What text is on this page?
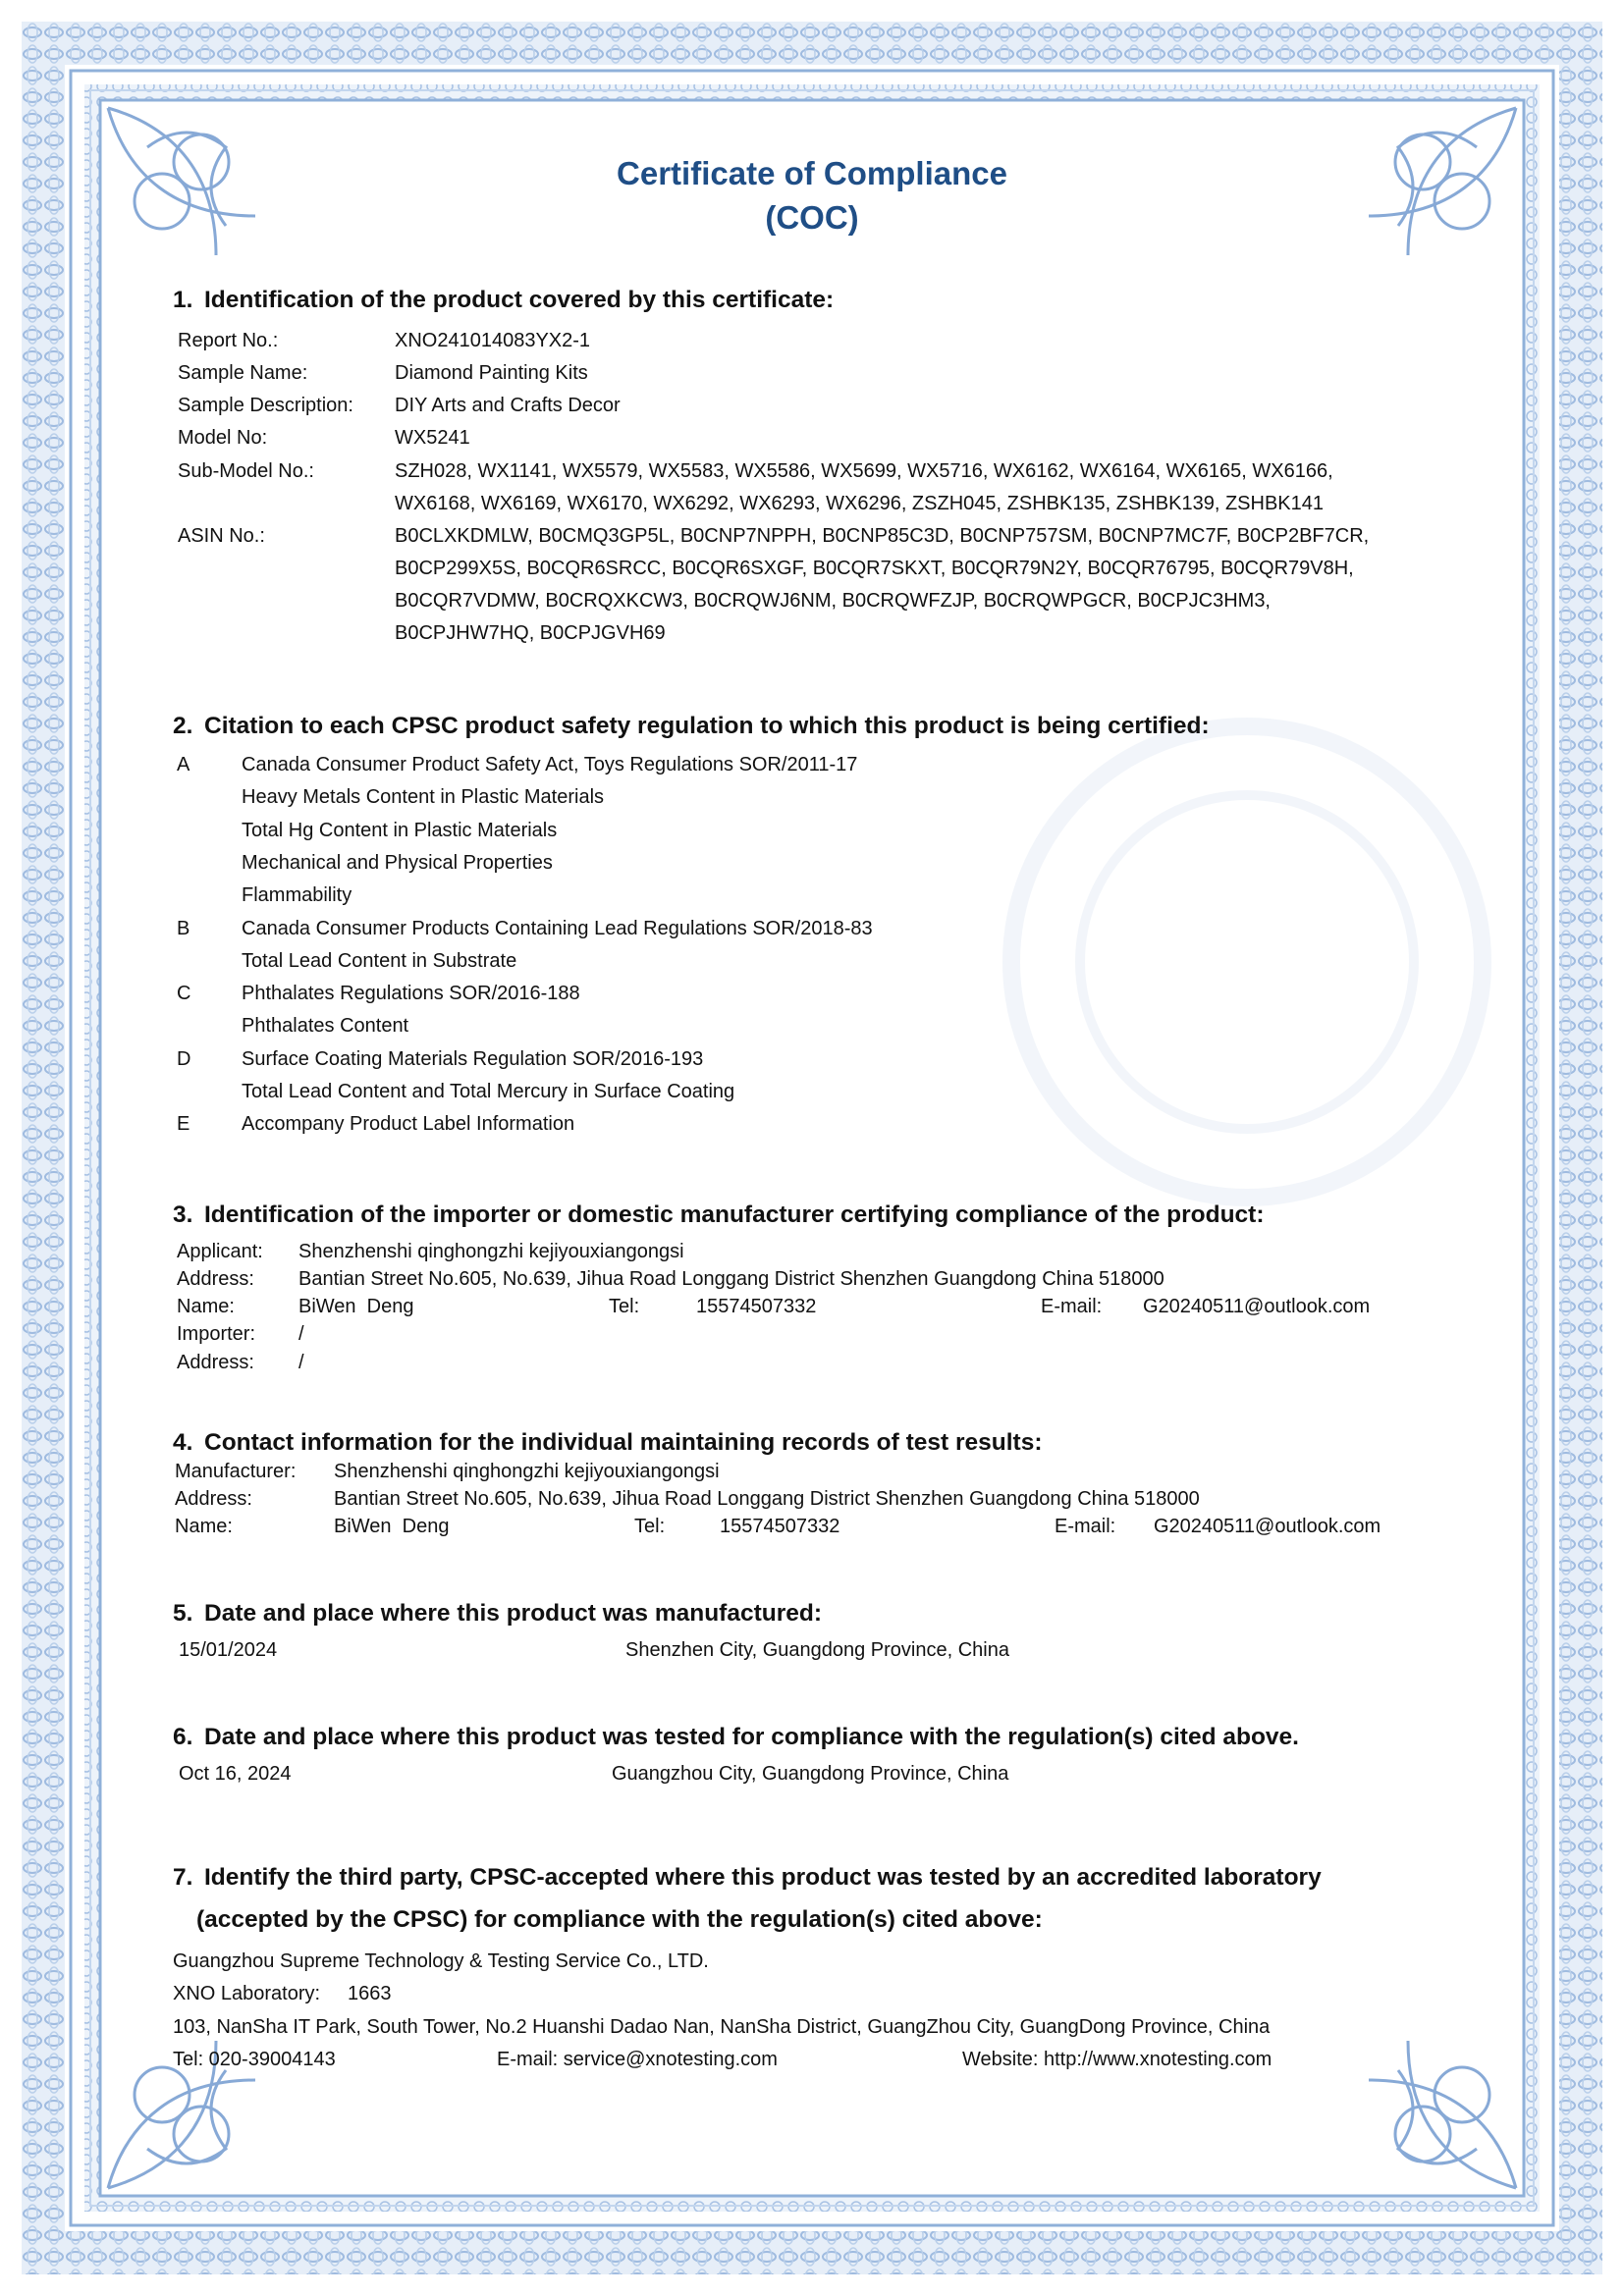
Certificate of Compliance
(COC)
1. Identification of the product covered by this certificate:
Report No.:	XNO241014083YX2-1
Sample Name:	Diamond Painting Kits
Sample Description: DIY Arts and Crafts Decor
Model No:	WX5241
Sub-Model No.:	SZH028, WX1141, WX5579, WX5583, WX5586, WX5699, WX5716, WX6162, WX6164, WX6165, WX6166,
WX6168, WX6169, WX6170, WX6292, WX6293, WX6296, ZSZH045, ZSHBK135, ZSHBK139, ZSHBK141
ASIN No.:	B0CLXKDMLW, B0CMQ3GP5L, B0CNP7NPPH, B0CNP85C3D, B0CNP757SM, B0CNP7MC7F, B0CP2BF7CR,
B0CP299X5S, B0CQR6SRCC, B0CQR6SXGF, B0CQR7SKXT, B0CQR79N2Y, B0CQR76795, B0CQR79V8H,
B0CQR7VDMW, B0CRQXKCW3, B0CRQWJ6NM, B0CRQWFZJP, B0CRQWPGCR, B0CPJC3HM3,
B0CPJHW7HQ, B0CPJGVH69
2. Citation to each CPSC product safety regulation to which this product is being certified:
A	Canada Consumer Product Safety Act, Toys Regulations SOR/2011-17
Heavy Metals Content in Plastic Materials
Total Hg Content in Plastic Materials
Mechanical and Physical Properties
Flammability
B	Canada Consumer Products Containing Lead Regulations SOR/2018-83
Total Lead Content in Substrate
C	Phthalates Regulations SOR/2016-188
Phthalates Content
D	Surface Coating Materials Regulation SOR/2016-193
Total Lead Content and Total Mercury in Surface Coating
E	Accompany Product Label Information
3. Identification of the importer or domestic manufacturer certifying compliance of the product:
Applicant: Shenzhenshi qinghongzhi kejiyouxiangongsi
Address: Bantian Street No.605, No.639, Jihua Road Longgang District Shenzhen Guangdong China 518000
Name:	BiWen  Deng	Tel:	15574507332	E-mail: G20240511@outlook.com
Importer: /
Address: /
4. Contact information for the individual maintaining records of test results:
Manufacturer: Shenzhenshi qinghongzhi kejiyouxiangongsi
Address:	Bantian Street No.605, No.639, Jihua Road Longgang District Shenzhen Guangdong China 518000
Name:	BiWen  Deng	Tel:	15574507332	E-mail: G20240511@outlook.com
5. Date and place where this product was manufactured:
15/01/2024	Shenzhen City, Guangdong Province, China
6. Date and place where this product was tested for compliance with the regulation(s) cited above.
Oct 16, 2024	Guangzhou City, Guangdong Province, China
7. Identify the third party, CPSC-accepted where this product was tested by an accredited laboratory
(accepted by the CPSC) for compliance with the regulation(s) cited above:
Guangzhou Supreme Technology & Testing Service Co., LTD.
XNO Laboratory: 1663
103, NanSha IT Park, South Tower, No.2 Huanshi Dadao Nan, NanSha District, GuangZhou City, GuangDong Province, China
Tel: 020-39004143	E-mail: service@xnotesting.com	Website: http://www.xnotesting.com
